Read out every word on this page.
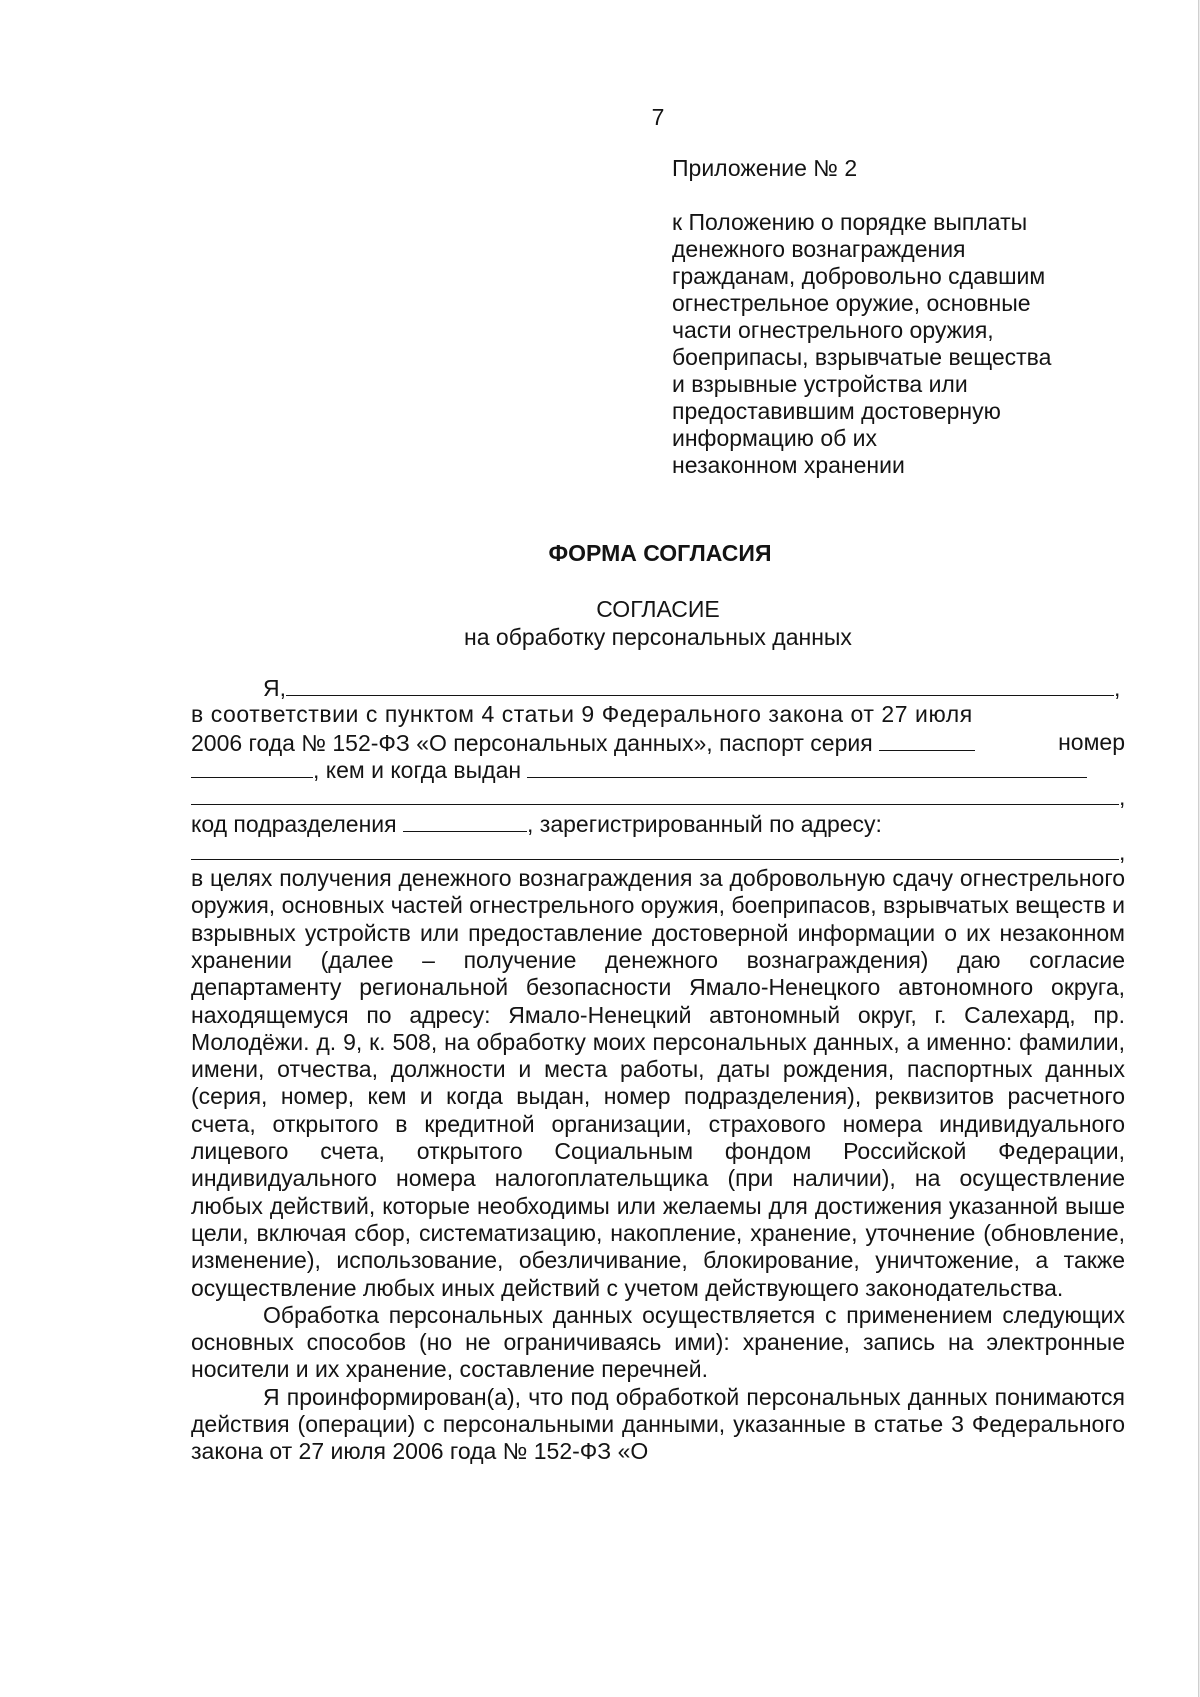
7

Приложение № 2

к Положению о порядке выплаты

денежного вознаграждения

гражданам, добровольно сдавшим

огнестрельное оружие, основные

части огнестрельного оружия,

боеприпасы, взрывчатые вещества

и взрывные устройства или

предоставившим достоверную

информацию об их

незаконном хранении

ФОРМА СОГЛАСИЯ
СОГЛАСИЕ
на обработку персональных данных
Я,	,
в соответствии с пунктом 4 статьи 9 Федерального закона от 27 июля
2006 года № 152-ФЗ «О персональных данных», паспорт серия	номер
, кем и когда выдан
,
код подразделения	, зарегистрированный по адресу:
,

в целях получения денежного вознаграждения за добровольную сдачу огнестрельного оружия, основных частей огнестрельного оружия, боеприпасов, взрывчатых веществ и взрывных устройств или предоставление достоверной информации о их незаконном хранении (далее – получение денежного вознаграждения) даю согласие департаменту региональной безопасности Ямало-Ненецкого автономного округа, находящемуся по адресу: Ямало-Ненецкий автономный округ, г. Салехард, пр. Молодёжи. д. 9, к. 508, на обработку моих персональных данных, а именно: фамилии, имени, отчества, должности и места работы, даты рождения, паспортных данных (серия, номер, кем и когда выдан, номер подразделения), реквизитов расчетного счета, открытого в кредитной организации, страхового номера индивидуального лицевого счета, открытого Социальным фондом Российской Федерации, индивидуального номера налогоплательщика (при наличии), на осуществление любых действий, которые необходимы или желаемы для достижения указанной выше цели, включая сбор, систематизацию, накопление, хранение, уточнение (обновление, изменение), использование, обезличивание, блокирование, уничтожение, а также осуществление любых иных действий с учетом действующего законодательства.

Обработка персональных данных осуществляется с применением следующих основных способов (но не ограничиваясь ими): хранение, запись на электронные носители и их хранение, составление перечней.

Я проинформирован(а), что под обработкой персональных данных понимаются действия (операции) с персональными данными, указанные в статье 3 Федерального закона от 27 июля 2006 года № 152-ФЗ «О
